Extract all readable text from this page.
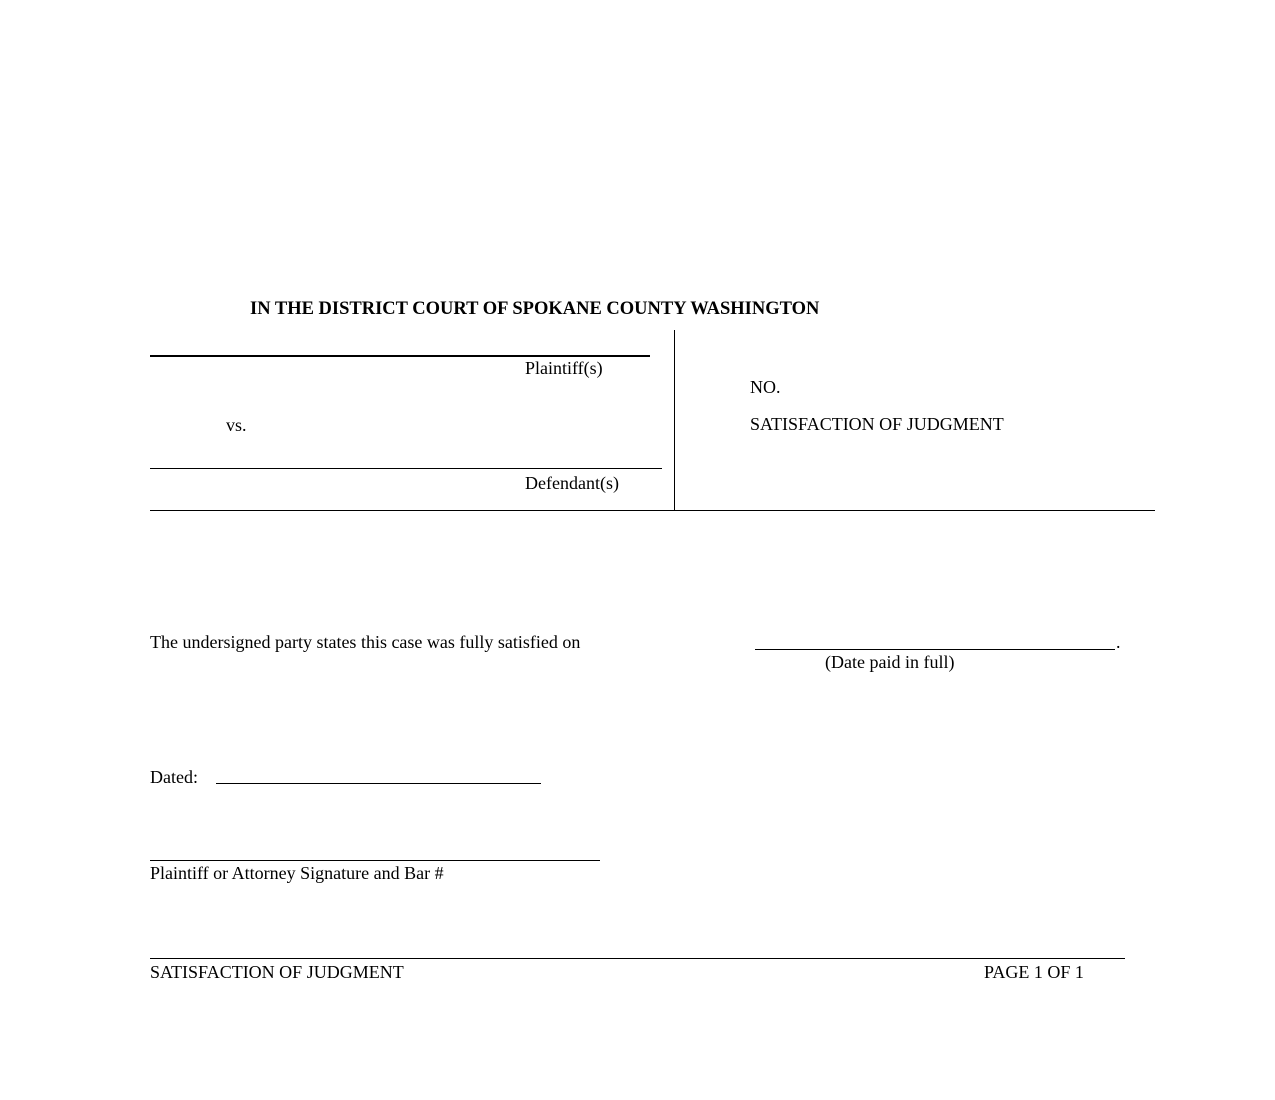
IN THE DISTRICT COURT OF SPOKANE COUNTY WASHINGTON
Plaintiff(s)
vs.
Defendant(s)
NO.
SATISFACTION OF JUDGMENT
The undersigned party states this case was fully satisfied on	.
(Date paid in full)
Dated:
Plaintiff or Attorney Signature and Bar #
SATISFACTION OF JUDGMENT	PAGE 1 OF 1
